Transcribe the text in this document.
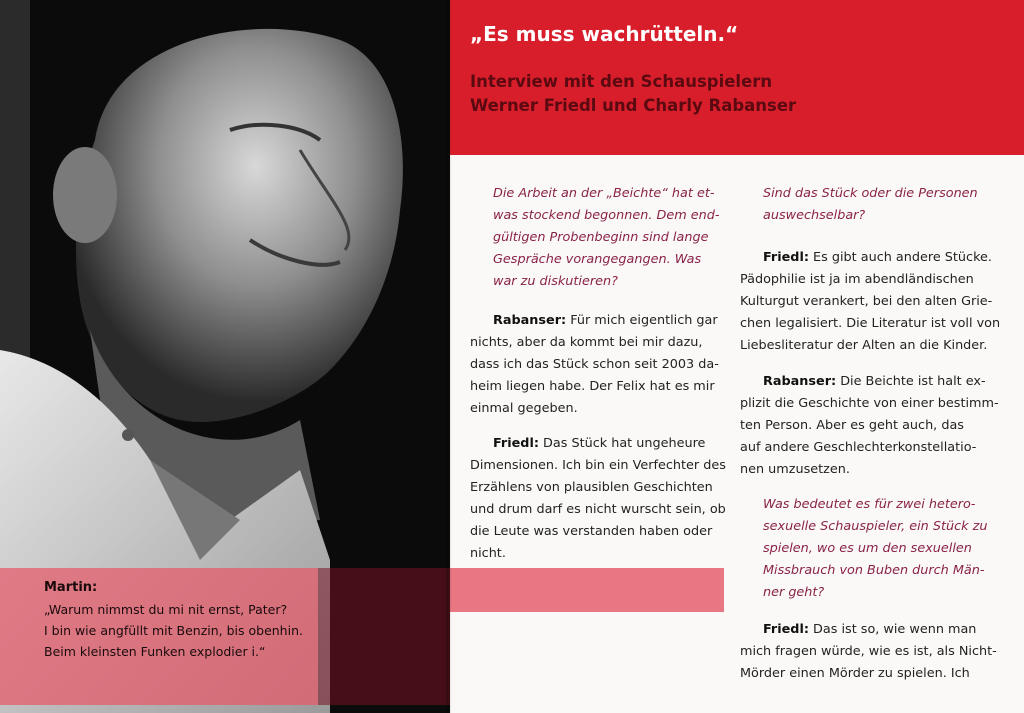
Martin:
„Warum nimmst du mi nit ernst, Pater?
I bin wie angfüllt mit Benzin, bis obenhin.
Beim kleinsten Funken explodier i.“
„Es muss wachrütteln.“
Interview mit den Schauspielern
Werner Friedl und Charly Rabanser
Die Arbeit an der „Beichte“ hat et-
was stockend begonnen. Dem end-
gültigen Probenbeginn sind lange
Gespräche vorangegangen. Was
war zu diskutieren?
Rabanser: Für mich eigentlich gar
nichts, aber da kommt bei mir dazu,
dass ich das Stück schon seit 2003 da-
heim liegen habe. Der Felix hat es mir
einmal gegeben.
Friedl: Das Stück hat ungeheure
Dimensionen. Ich bin ein Verfechter des
Erzählens von plausiblen Geschichten
und drum darf es nicht wurscht sein, ob
die Leute was verstanden haben oder
nicht.
Sind das Stück oder die Personen
auswechselbar?
Friedl: Es gibt auch andere Stücke.
Pädophilie ist ja im abendländischen
Kulturgut verankert, bei den alten Grie-
chen legalisiert. Die Literatur ist voll von
Liebesliteratur der Alten an die Kinder.
Rabanser: Die Beichte ist halt ex-
plizit die Geschichte von einer bestimm-
ten Person. Aber es geht auch, das
auf andere Geschlechterkonstellatio-
nen umzusetzen.
Was bedeutet es für zwei hetero-
sexuelle Schauspieler, ein Stück zu
spielen, wo es um den sexuellen
Missbrauch von Buben durch Män-
ner geht?
Friedl: Das ist so, wie wenn man
mich fragen würde, wie es ist, als Nicht-
Mörder einen Mörder zu spielen. Ich
